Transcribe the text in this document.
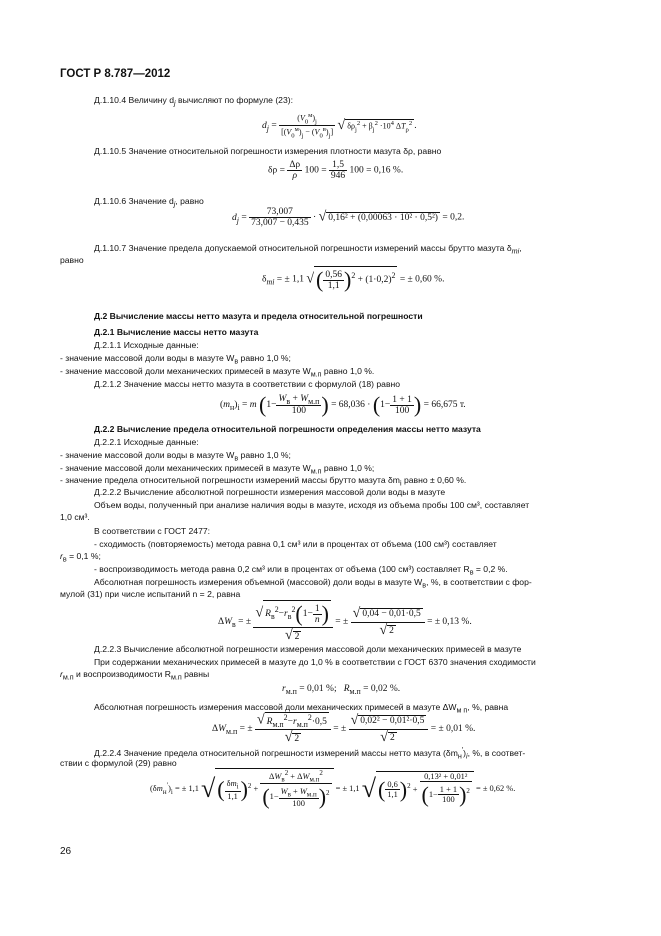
ГОСТ Р 8.787—2012
Д.1.10.4 Величину $d_j$ вычисляют по формуле (23):
$d_j$ =
$(V_0^м)_j$
$[(V_0^м)_j - (V_0^в)_j]$ √ $\delta\rho_j^2 + \beta_j^2 \cdot 10^4$ $\Delta T_\rho^2$ .
Д.1.10.5 Значение относительной погрешности измерения плотности мазута δρ, равно
$\delta\rho = \frac{\Delta\rho}{\rho} 100 = \frac{1,5}{946} 100 = 0,16$ %.
Д.1.10.6 Значение $d_j$, равно
$d_j = \frac{73,007}{73,007 - 0,435}$ · √ 0,16² + (0,00063 · 10² · 0,5²) = 0,2.
Д.1.10.7 Значение предела допускаемой относительной погрешности измерений массы брутто мазута $\delta_{mi}$,
равно
$\delta_{mi}$ = ± 1,1 √( $\frac{0,56}{1,1} )^2 + (1\cdot 0,2)^2$ = ± 0,60 %.
Д.2 Вычисление массы нетто мазута и предела относительной погрешности
Д.2.1 Вычисление массы нетто мазута
Д.2.1.1 Исходные данные:
- значение массовой доли воды в мазуте $W_в$ равно 1,0 %;
- значение массовой доли механических примесей в мазуте $W_{м.п}$ равно 1,0 %.
Д.2.1.2 Значение массы нетто мазута в соответствии с формулой (18) равно
$(m_н)_i = m$ (1−
$W_в + W_{м.п}$
100 ) = $68,036 \cdot (1- \frac{1 + 1}{100}$ ) = 66,675 т.
Д.2.2 Вычисление предела относительной погрешности определения массы нетто мазута
Д.2.2.1 Исходные данные:
- значение массовой доли воды в мазуте $W_в$ равно 1,0 %;
- значение массовой доли механических примесей в мазуте $W_{м.п}$ равно 1,0 %;
- значение предела относительной погрешности измерений массы брутто мазута $\delta m_i$ равно ± 0,60 %.
Д.2.2.2 Вычисление абсолютной погрешности измерения массовой доли воды в мазуте
Объем воды, полученный при анализе наличия воды в мазуте, исходя из объема пробы 100 см³, составляет
1,0 см³.
В соответствии с ГОСТ 2477:
- сходимость (повторяемость) метода равна 0,1 см³ или в процентах от объема (100 см³) составляет
$r_в = 0,1$ %;
- воспроизводимость метода равна 0,2 см³ или в процентах от объема (100 см³) составляет $R_в = 0,2$ %.
Абсолютная погрешность измерения объемной (массовой) доли воды в мазуте $W_в$, %, в соответствии с фор-
мулой (31) при числе испытаний n = 2, равна
$\Delta W_в$ = ±
√ $R_в^2-r_в^2(1- \frac{1}{n}$ )
√ 2
= ± $\frac{√ 0,04 - 0,01\cdot 0,5}{√ 2}$ = ± 0,13 %.
Д.2.2.3 Вычисление абсолютной погрешности измерения массовой доли механических примесей в мазуте
При содержании механических примесей в мазуте до 1,0 % в соответствии с ГОСТ 6370 значения сходимости
$r_{м.п}$ и воспроизводимости $R_{м.п}$ равны
$r_{м.п} = 0,01$ %; $R_{м.п} = 0,02$ %.
Абсолютная погрешность измерения массовой доли механических примесей в мазуте $\Delta W_{м п}$, %, равна
$\Delta W_{м.п}$ = ±
√ $R_{м.п}^2-r_{м.п}^2\cdot 0,5$
√ 2
= ± $\frac{\text{√ 0,02² − 0,01²·0,5}}{√ 2}$ = ± 0,01 %.
Д.2.2.4 Значение предела относительной погрешности измерений массы нетто мазута $(\delta m_н')_i$, %, в соответ-
ствии с формулой (29) равно
$(\delta m_н')_i$ = ± 1,1 √( $\delta m_i$
1,1 )$^2$ +
$\Delta W_в^2 + \Delta W_{м.п}^2$
(1−
$W_в + W_{м.п}$
100 )$^2$
= ± 1,1 √( $\frac{0,6}{1,1} )^2 + \frac{\text{0,13² + 0,01²}}{(1- \frac{1 + 1}{100} )^2}$ = ± 0,62 %.
26
